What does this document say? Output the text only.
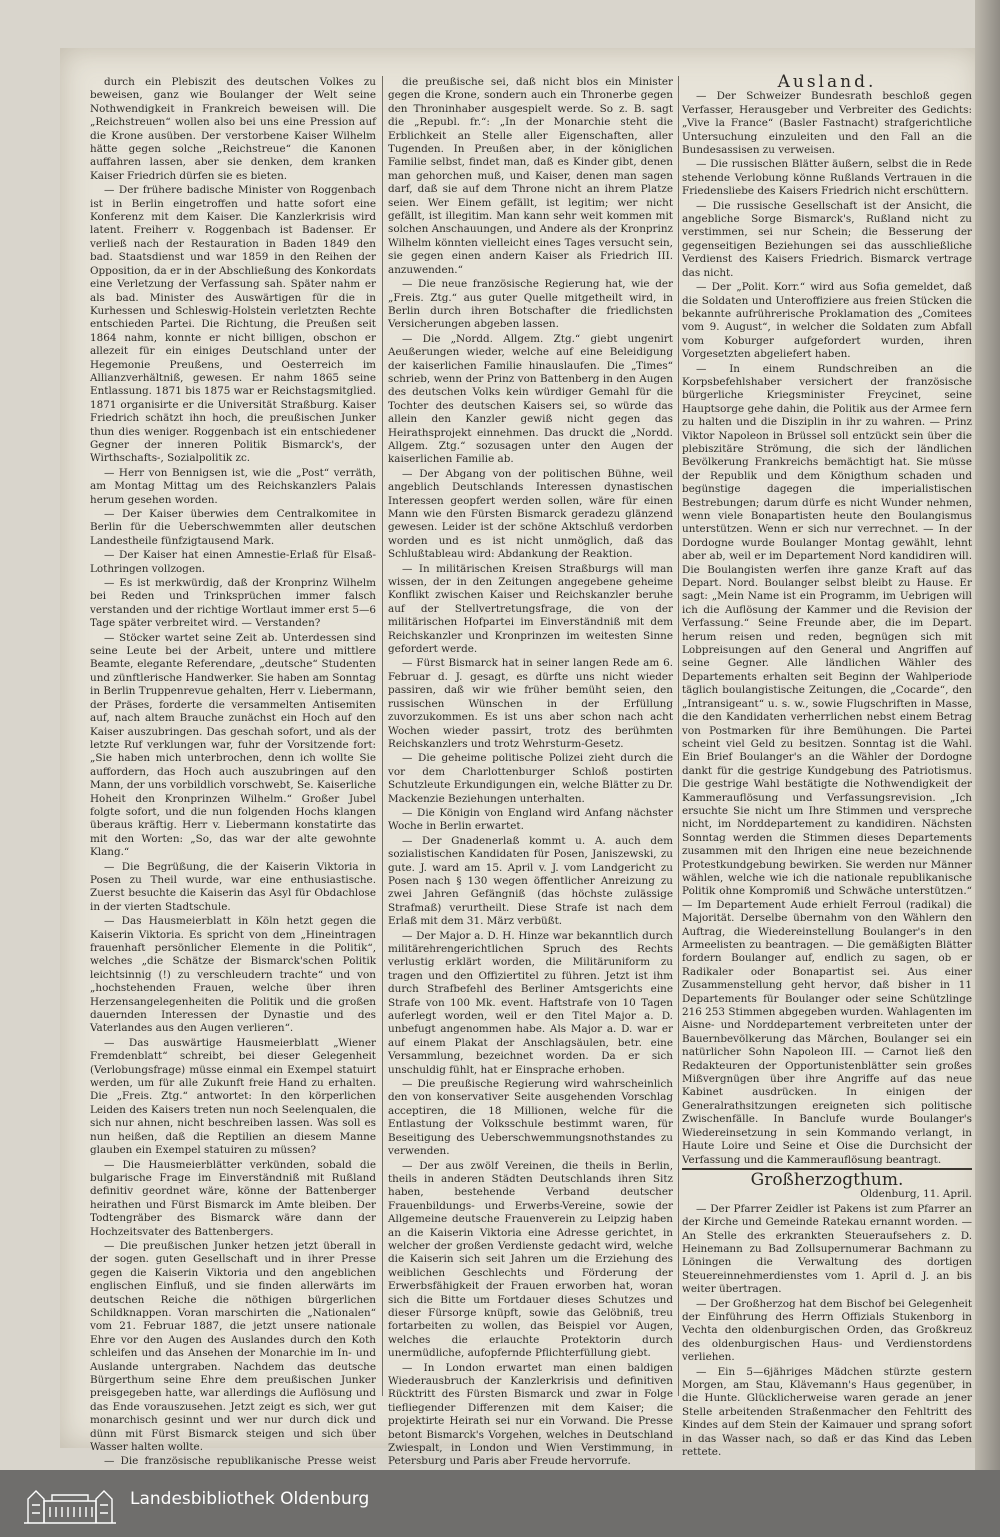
durch ein Plebiszit des deutschen Volkes zu beweisen, ganz wie Boulanger der Welt seine Nothwendigkeit in Frankreich beweisen will. Die „Reichstreuen“ wollen also bei uns eine Pression auf die Krone ausüben. Der verstorbene Kaiser Wilhelm hätte gegen solche „Reichstreue“ die Kanonen auffahren lassen, aber sie denken, dem kranken Kaiser Friedrich dürfen sie es bieten.

— Der frühere badische Minister von Roggenbach ist in Berlin eingetroffen und hatte sofort eine Konferenz mit dem Kaiser. Die Kanzlerkrisis wird latent. Freiherr v. Roggenbach ist Badenser. Er verließ nach der Restauration in Baden 1849 den bad. Staatsdienst und war 1859 in den Reihen der Opposition, da er in der Abschließung des Konkordats eine Verletzung der Verfassung sah. Später nahm er als bad. Minister des Auswärtigen für die in Kurhessen und Schleswig-Holstein verletzten Rechte entschieden Partei. Die Richtung, die Preußen seit 1864 nahm, konnte er nicht billigen, obschon er allezeit für ein einiges Deutschland unter der Hegemonie Preußens, und Oesterreich im Allianzverhältniß, gewesen. Er nahm 1865 seine Entlassung. 1871 bis 1875 war er Reichstagsmitglied. 1871 organisirte er die Universität Straßburg. Kaiser Friedrich schätzt ihn hoch, die preußischen Junker thun dies weniger. Roggenbach ist ein entschiedener Gegner der inneren Politik Bismarck's, der Wirthschafts-, Sozialpolitik zc.

— Herr von Bennigsen ist, wie die „Post“ verräth, am Montag Mittag um des Reichskanzlers Palais herum gesehen worden.

— Der Kaiser überwies dem Centralkomitee in Berlin für die Ueberschwemmten aller deutschen Landestheile fünfzigtausend Mark.

— Der Kaiser hat einen Amnestie-Erlaß für Elsaß-Lothringen vollzogen.

— Es ist merkwürdig, daß der Kronprinz Wilhelm bei Reden und Trinksprüchen immer falsch verstanden und der richtige Wortlaut immer erst 5—6 Tage später verbreitet wird. — Verstanden?

— Stöcker wartet seine Zeit ab. Unterdessen sind seine Leute bei der Arbeit, untere und mittlere Beamte, elegante Referendare, „deutsche“ Studenten und zünftlerische Handwerker. Sie haben am Sonntag in Berlin Truppenrevue gehalten, Herr v. Liebermann, der Präses, forderte die versammelten Antisemiten auf, nach altem Brauche zunächst ein Hoch auf den Kaiser auszubringen. Das geschah sofort, und als der letzte Ruf verklungen war, fuhr der Vorsitzende fort: „Sie haben mich unterbrochen, denn ich wollte Sie auffordern, das Hoch auch auszubringen auf den Mann, der uns vorbildlich vorschwebt, Se. Kaiserliche Hoheit den Kronprinzen Wilhelm.“ Großer Jubel folgte sofort, und die nun folgenden Hochs klangen überaus kräftig. Herr v. Liebermann konstatirte das mit den Worten: „So, das war der alte gewohnte Klang.“

— Die Begrüßung, die der Kaiserin Viktoria in Posen zu Theil wurde, war eine enthusiastische. Zuerst besuchte die Kaiserin das Asyl für Obdachlose in der vierten Stadtschule.

— Das Hausmeierblatt in Köln hetzt gegen die Kaiserin Viktoria. Es spricht von dem „Hineintragen frauenhaft persönlicher Elemente in die Politik“, welches „die Schätze der Bismarck'schen Politik leichtsinnig (!) zu verschleudern trachte“ und von „hochstehenden Frauen, welche über ihren Herzensangelegenheiten die Politik und die großen dauernden Interessen der Dynastie und des Vaterlandes aus den Augen verlieren“.

— Das auswärtige Hausmeierblatt „Wiener Fremdenblatt“ schreibt, bei dieser Gelegenheit (Verlobungsfrage) müsse einmal ein Exempel statuirt werden, um für alle Zukunft freie Hand zu erhalten. Die „Freis. Ztg.“ antwortet: In den körperlichen Leiden des Kaisers treten nun noch Seelenqualen, die sich nur ahnen, nicht beschreiben lassen. Was soll es nun heißen, daß die Reptilien an diesem Manne glauben ein Exempel statuiren zu müssen?

— Die Hausmeierblätter verkünden, sobald die bulgarische Frage im Einverständniß mit Rußland definitiv geordnet wäre, könne der Battenberger heirathen und Fürst Bismarck im Amte bleiben. Der Todtengräber des Bismarck wäre dann der Hochzeitsvater des Battenbergers.

— Die preußischen Junker hetzen jetzt überall in der sogen. guten Gesellschaft und in ihrer Presse gegen die Kaiserin Viktoria und den angeblichen englischen Einfluß, und sie finden allerwärts im deutschen Reiche die nöthigen bürgerlichen Schildknappen. Voran marschirten die „Nationalen“ vom 21. Februar 1887, die jetzt unsere nationale Ehre vor den Augen des Auslandes durch den Koth schleifen und das Ansehen der Monarchie im In- und Auslande untergraben. Nachdem das deutsche Bürgerthum seine Ehre dem preußischen Junker preisgegeben hatte, war allerdings die Auflösung und das Ende vorauszusehen. Jetzt zeigt es sich, wer gut monarchisch gesinnt und wer nur durch dick und dünn mit Fürst Bismarck steigen und sich über Wasser halten wollte.

— Die französische republikanische Presse weist

die preußische sei, daß nicht blos ein Minister gegen die Krone, sondern auch ein Thronerbe gegen den Throninhaber ausgespielt werde. So z. B. sagt die „Republ. fr.“: „In der Monarchie steht die Erblichkeit an Stelle aller Eigenschaften, aller Tugenden. In Preußen aber, in der königlichen Familie selbst, findet man, daß es Kinder gibt, denen man gehorchen muß, und Kaiser, denen man sagen darf, daß sie auf dem Throne nicht an ihrem Platze seien. Wer Einem gefällt, ist legitim; wer nicht gefällt, ist illegitim. Man kann sehr weit kommen mit solchen Anschauungen, und Andere als der Kronprinz Wilhelm könnten vielleicht eines Tages versucht sein, sie gegen einen andern Kaiser als Friedrich III. anzuwenden.“

— Die neue französische Regierung hat, wie der „Freis. Ztg.“ aus guter Quelle mitgetheilt wird, in Berlin durch ihren Botschafter die friedlichsten Versicherungen abgeben lassen.

— Die „Nordd. Allgem. Ztg.“ giebt ungenirt Aeußerungen wieder, welche auf eine Beleidigung der kaiserlichen Familie hinauslaufen. Die „Times“ schrieb, wenn der Prinz von Battenberg in den Augen des deutschen Volks kein würdiger Gemahl für die Tochter des deutschen Kaisers sei, so würde das allein den Kanzler gewiß nicht gegen das Heirathsprojekt einnehmen. Das druckt die „Nordd. Allgem. Ztg.“ sozusagen unter den Augen der kaiserlichen Familie ab.

— Der Abgang von der politischen Bühne, weil angeblich Deutschlands Interessen dynastischen Interessen geopfert werden sollen, wäre für einen Mann wie den Fürsten Bismarck geradezu glänzend gewesen. Leider ist der schöne Aktschluß verdorben worden und es ist nicht unmöglich, daß das Schlußtableau wird: Abdankung der Reaktion.

— In militärischen Kreisen Straßburgs will man wissen, der in den Zeitungen angegebene geheime Konflikt zwischen Kaiser und Reichskanzler beruhe auf der Stellvertretungsfrage, die von der militärischen Hofpartei im Einverständniß mit dem Reichskanzler und Kronprinzen im weitesten Sinne gefordert werde.

— Fürst Bismarck hat in seiner langen Rede am 6. Februar d. J. gesagt, es dürfte uns nicht wieder passiren, daß wir wie früher bemüht seien, den russischen Wünschen in der Erfüllung zuvorzukommen. Es ist uns aber schon nach acht Wochen wieder passirt, trotz des berühmten Reichskanzlers und trotz Wehrsturm-Gesetz.

— Die geheime politische Polizei zieht durch die vor dem Charlottenburger Schloß postirten Schutzleute Erkundigungen ein, welche Blätter zu Dr. Mackenzie Beziehungen unterhalten.

— Die Königin von England wird Anfang nächster Woche in Berlin erwartet.

— Der Gnadenerlaß kommt u. A. auch dem sozialistischen Kandidaten für Posen, Janiszewski, zu gute. J. ward am 15. April v. J. vom Landgericht zu Posen nach § 130 wegen öffentlicher Anreizung zu zwei Jahren Gefängniß (das höchste zulässige Strafmaß) verurtheilt. Diese Strafe ist nach dem Erlaß mit dem 31. März verbüßt.

— Der Major a. D. H. Hinze war bekanntlich durch militärehrengerichtlichen Spruch des Rechts verlustig erklärt worden, die Militäruniform zu tragen und den Offiziertitel zu führen. Jetzt ist ihm durch Strafbefehl des Berliner Amtsgerichts eine Strafe von 100 Mk. event. Haftstrafe von 10 Tagen auferlegt worden, weil er den Titel Major a. D. unbefugt angenommen habe. Als Major a. D. war er auf einem Plakat der Anschlagsäulen, betr. eine Versammlung, bezeichnet worden. Da er sich unschuldig fühlt, hat er Einsprache erhoben.

— Die preußische Regierung wird wahrscheinlich den von konservativer Seite ausgehenden Vorschlag acceptiren, die 18 Millionen, welche für die Entlastung der Volksschule bestimmt waren, für Beseitigung des Ueberschwemmungsnothstandes zu verwenden.

— Der aus zwölf Vereinen, die theils in Berlin, theils in anderen Städten Deutschlands ihren Sitz haben, bestehende Verband deutscher Frauenbildungs- und Erwerbs-Vereine, sowie der Allgemeine deutsche Frauenverein zu Leipzig haben an die Kaiserin Viktoria eine Adresse gerichtet, in welcher der großen Verdienste gedacht wird, welche die Kaiserin sich seit Jahren um die Erziehung des weiblichen Geschlechts und Förderung der Erwerbsfähigkeit der Frauen erworben hat, woran sich die Bitte um Fortdauer dieses Schutzes und dieser Fürsorge knüpft, sowie das Gelöbniß, treu fortarbeiten zu wollen, das Beispiel vor Augen, welches die erlauchte Protektorin durch unermüdliche, aufopfernde Pflichterfüllung giebt.

— In London erwartet man einen baldigen Wiederausbruch der Kanzlerkrisis und definitiven Rücktritt des Fürsten Bismarck und zwar in Folge tiefliegender Differenzen mit dem Kaiser; die projektirte Heirath sei nur ein Vorwand. Die Presse betont Bismarck's Vorgehen, welches in Deutschland Zwiespalt, in London und Wien Verstimmung, in Petersburg und Paris aber Freude hervorrufe.

Ausland.

— Der Schweizer Bundesrath beschloß gegen Verfasser, Herausgeber und Verbreiter des Gedichts: „Vive la France“ (Basler Fastnacht) strafgerichtliche Untersuchung einzuleiten und den Fall an die Bundesassisen zu verweisen.

— Die russischen Blätter äußern, selbst die in Rede stehende Verlobung könne Rußlands Vertrauen in die Friedensliebe des Kaisers Friedrich nicht erschüttern.

— Die russische Gesellschaft ist der Ansicht, die angebliche Sorge Bismarck's, Rußland nicht zu verstimmen, sei nur Schein; die Besserung der gegenseitigen Beziehungen sei das ausschließliche Verdienst des Kaisers Friedrich. Bismarck vertrage das nicht.

— Der „Polit. Korr.“ wird aus Sofia gemeldet, daß die Soldaten und Unteroffiziere aus freien Stücken die bekannte aufrührerische Proklamation des „Comitees vom 9. August“, in welcher die Soldaten zum Abfall vom Koburger aufgefordert wurden, ihren Vorgesetzten abgeliefert haben.

— In einem Rundschreiben an die Korpsbefehlshaber versichert der französische bürgerliche Kriegsminister Freycinet, seine Hauptsorge gehe dahin, die Politik aus der Armee fern zu halten und die Disziplin in ihr zu wahren. — Prinz Viktor Napoleon in Brüssel soll entzückt sein über die plebiszitäre Strömung, die sich der ländlichen Bevölkerung Frankreichs bemächtigt hat. Sie müsse der Republik und dem Königthum schaden und begünstige dagegen die imperialistischen Bestrebungen; darum dürfe es nicht Wunder nehmen, wenn viele Bonapartisten heute den Boulangismus unterstützen. Wenn er sich nur verrechnet. — In der Dordogne wurde Boulanger Montag gewählt, lehnt aber ab, weil er im Departement Nord kandidiren will. Die Boulangisten werfen ihre ganze Kraft auf das Depart. Nord. Boulanger selbst bleibt zu Hause. Er sagt: „Mein Name ist ein Programm, im Uebrigen will ich die Auflösung der Kammer und die Revision der Verfassung.“ Seine Freunde aber, die im Depart. herum reisen und reden, begnügen sich mit Lobpreisungen auf den General und Angriffen auf seine Gegner. Alle ländlichen Wähler des Departements erhalten seit Beginn der Wahlperiode täglich boulangistische Zeitungen, die „Cocarde“, den „Intransigeant“ u. s. w., sowie Flugschriften in Masse, die den Kandidaten verherrlichen nebst einem Betrag von Postmarken für ihre Bemühungen. Die Partei scheint viel Geld zu besitzen. Sonntag ist die Wahl. Ein Brief Boulanger's an die Wähler der Dordogne dankt für die gestrige Kundgebung des Patriotismus. Die gestrige Wahl bestätigte die Nothwendigkeit der Kammerauflösung und Verfassungsrevision. „Ich ersuchte Sie nicht um Ihre Stimmen und verspreche nicht, im Norddepartement zu kandidiren. Nächsten Sonntag werden die Stimmen dieses Departements zusammen mit den Ihrigen eine neue bezeichnende Protestkundgebung bewirken. Sie werden nur Männer wählen, welche wie ich die nationale republikanische Politik ohne Kompromiß und Schwäche unterstützen.“ — Im Departement Aude erhielt Ferroul (radikal) die Majorität. Derselbe übernahm von den Wählern den Auftrag, die Wiedereinstellung Boulanger's in den Armeelisten zu beantragen. — Die gemäßigten Blätter fordern Boulanger auf, endlich zu sagen, ob er Radikaler oder Bonapartist sei. Aus einer Zusammenstellung geht hervor, daß bisher in 11 Departements für Boulanger oder seine Schützlinge 216 253 Stimmen abgegeben wurden. Wahlagenten im Aisne- und Norddepartement verbreiteten unter der Bauernbevölkerung das Märchen, Boulanger sei ein natürlicher Sohn Napoleon III. — Carnot ließ den Redakteuren der Opportunistenblätter sein großes Mißvergnügen über ihre Angriffe auf das neue Kabinet ausdrücken. In einigen der Generalrathsitzungen ereigneten sich politische Zwischenfälle. In Banclufe wurde Boulanger's Wiedereinsetzung in sein Kommando verlangt, in Haute Loire und Seine et Oise die Durchsicht der Verfassung und die Kammerauflösung beantragt.

Großherzogthum.

Oldenburg, 11. April.

— Der Pfarrer Zeidler ist Pakens ist zum Pfarrer an der Kirche und Gemeinde Ratekau ernannt worden. — An Stelle des erkrankten Steueraufsehers z. D. Heinemann zu Bad Zollsupernumerar Bachmann zu Löningen die Verwaltung des dortigen Steuereinnehmerdienstes vom 1. April d. J. an bis weiter übertragen.

— Der Großherzog hat dem Bischof bei Gelegenheit der Einführung des Herrn Offizials Stukenborg in Vechta den oldenburgischen Orden, das Großkreuz des oldenburgischen Haus- und Verdienstordens verliehen.

— Ein 5—6jähriges Mädchen stürzte gestern Morgen, am Stau, Klävemann's Haus gegenüber, in die Hunte. Glücklicherweise waren gerade an jener Stelle arbeitenden Straßenmacher den Fehltritt des Kindes auf dem Stein der Kaimauer und sprang sofort in das Wasser nach, so daß er das Kind das Leben rettete.

Landesbibliothek Oldenburg
